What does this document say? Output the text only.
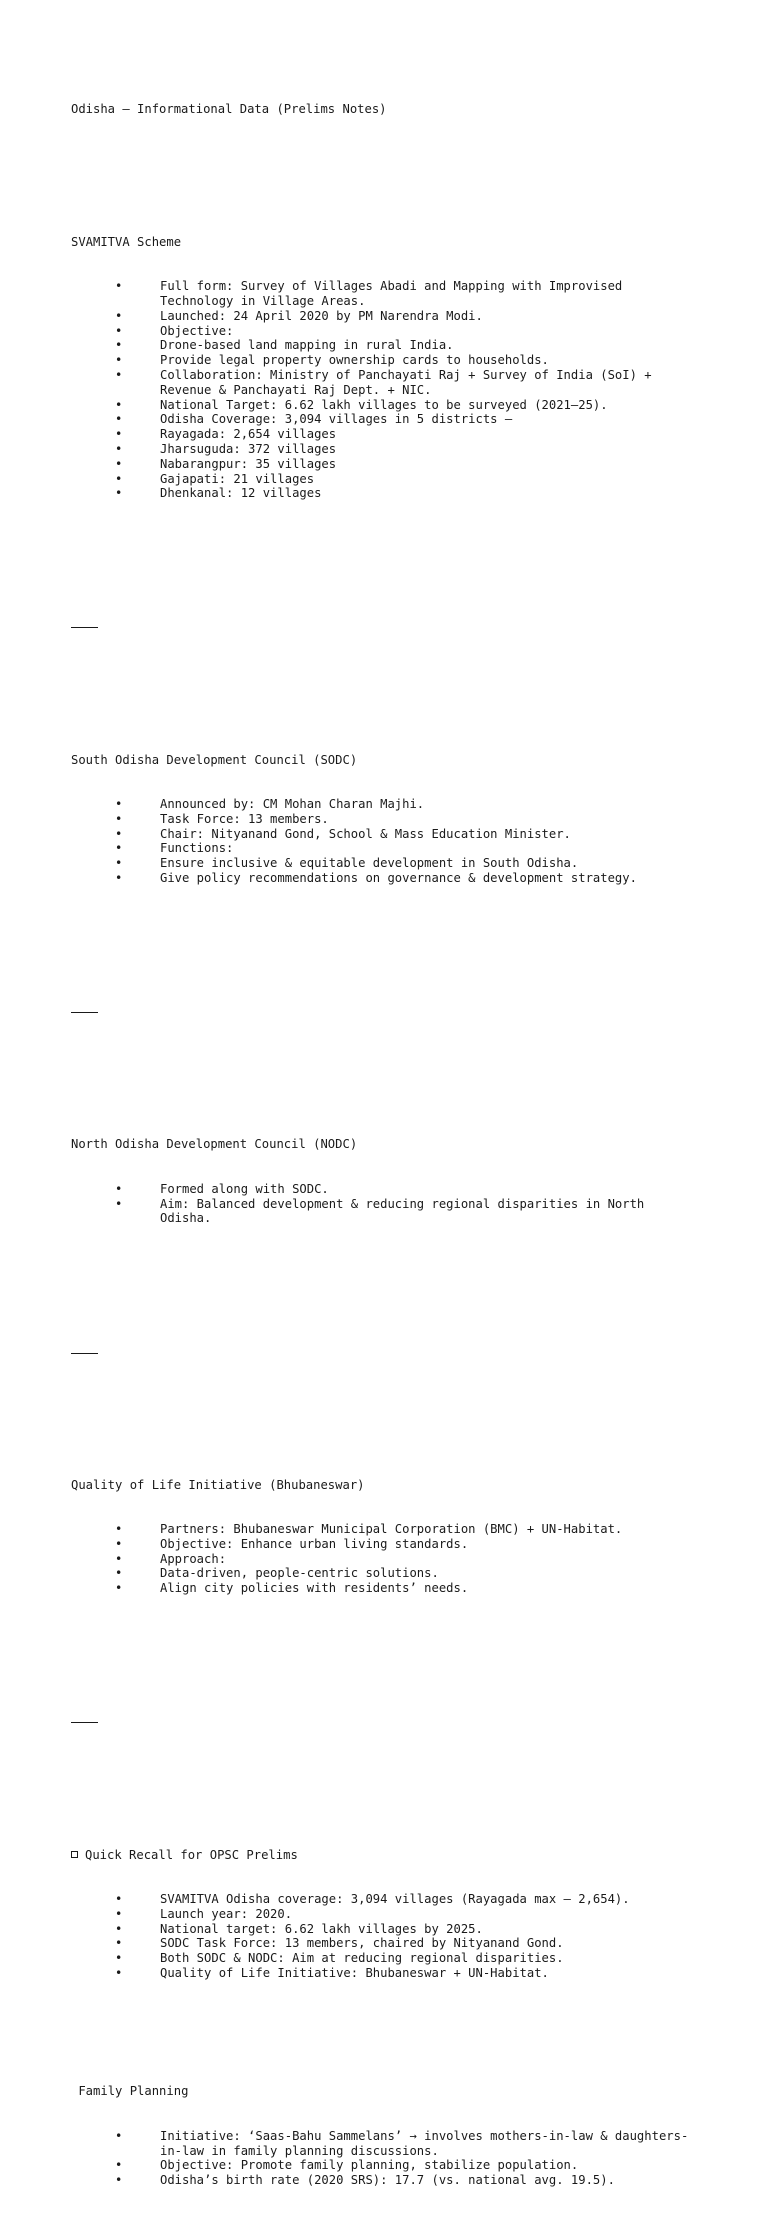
Odisha – Informational Data (Prelims Notes)

SVAMITVA Scheme

•	Full form: Survey of Villages Abadi and Mapping with Improvised Technology in Village Areas.
•	Launched: 24 April 2020 by PM Narendra Modi.
•	Objective:
•	Drone-based land mapping in rural India.
•	Provide legal property ownership cards to households.
•	Collaboration: Ministry of Panchayati Raj + Survey of India (SoI) + Revenue & Panchayati Raj Dept. + NIC.
•	National Target: 6.62 lakh villages to be surveyed (2021–25).
•	Odisha Coverage: 3,094 villages in 5 districts –
•	Rayagada: 2,654 villages
•	Jharsuguda: 372 villages
•	Nabarangpur: 35 villages
•	Gajapati: 21 villages
•	Dhenkanal: 12 villages

South Odisha Development Council (SODC)

•	Announced by: CM Mohan Charan Majhi.
•	Task Force: 13 members.
•	Chair: Nityanand Gond, School & Mass Education Minister.
•	Functions:
•	Ensure inclusive & equitable development in South Odisha.
•	Give policy recommendations on governance & development strategy.

North Odisha Development Council (NODC)

•	Formed along with SODC.
•	Aim: Balanced development & reducing regional disparities in North Odisha.

Quality of Life Initiative (Bhubaneswar)

•	Partners: Bhubaneswar Municipal Corporation (BMC) + UN-Habitat.
•	Objective: Enhance urban living standards.
•	Approach:
•	Data-driven, people-centric solutions.
•	Align city policies with residents’ needs.

Quick Recall for OPSC Prelims

•	SVAMITVA Odisha coverage: 3,094 villages (Rayagada max – 2,654).
•	Launch year: 2020.
•	National target: 6.62 lakh villages by 2025.
•	SODC Task Force: 13 members, chaired by Nityanand Gond.
•	Both SODC & NODC: Aim at reducing regional disparities.
•	Quality of Life Initiative: Bhubaneswar + UN-Habitat.

Family Planning

•	Initiative: ‘Saas-Bahu Sammelans’ → involves mothers-in-law & daughters-in-law in family planning discussions.
•	Objective: Promote family planning, stabilize population.
•	Odisha’s birth rate (2020 SRS): 17.7 (vs. national avg. 19.5).
